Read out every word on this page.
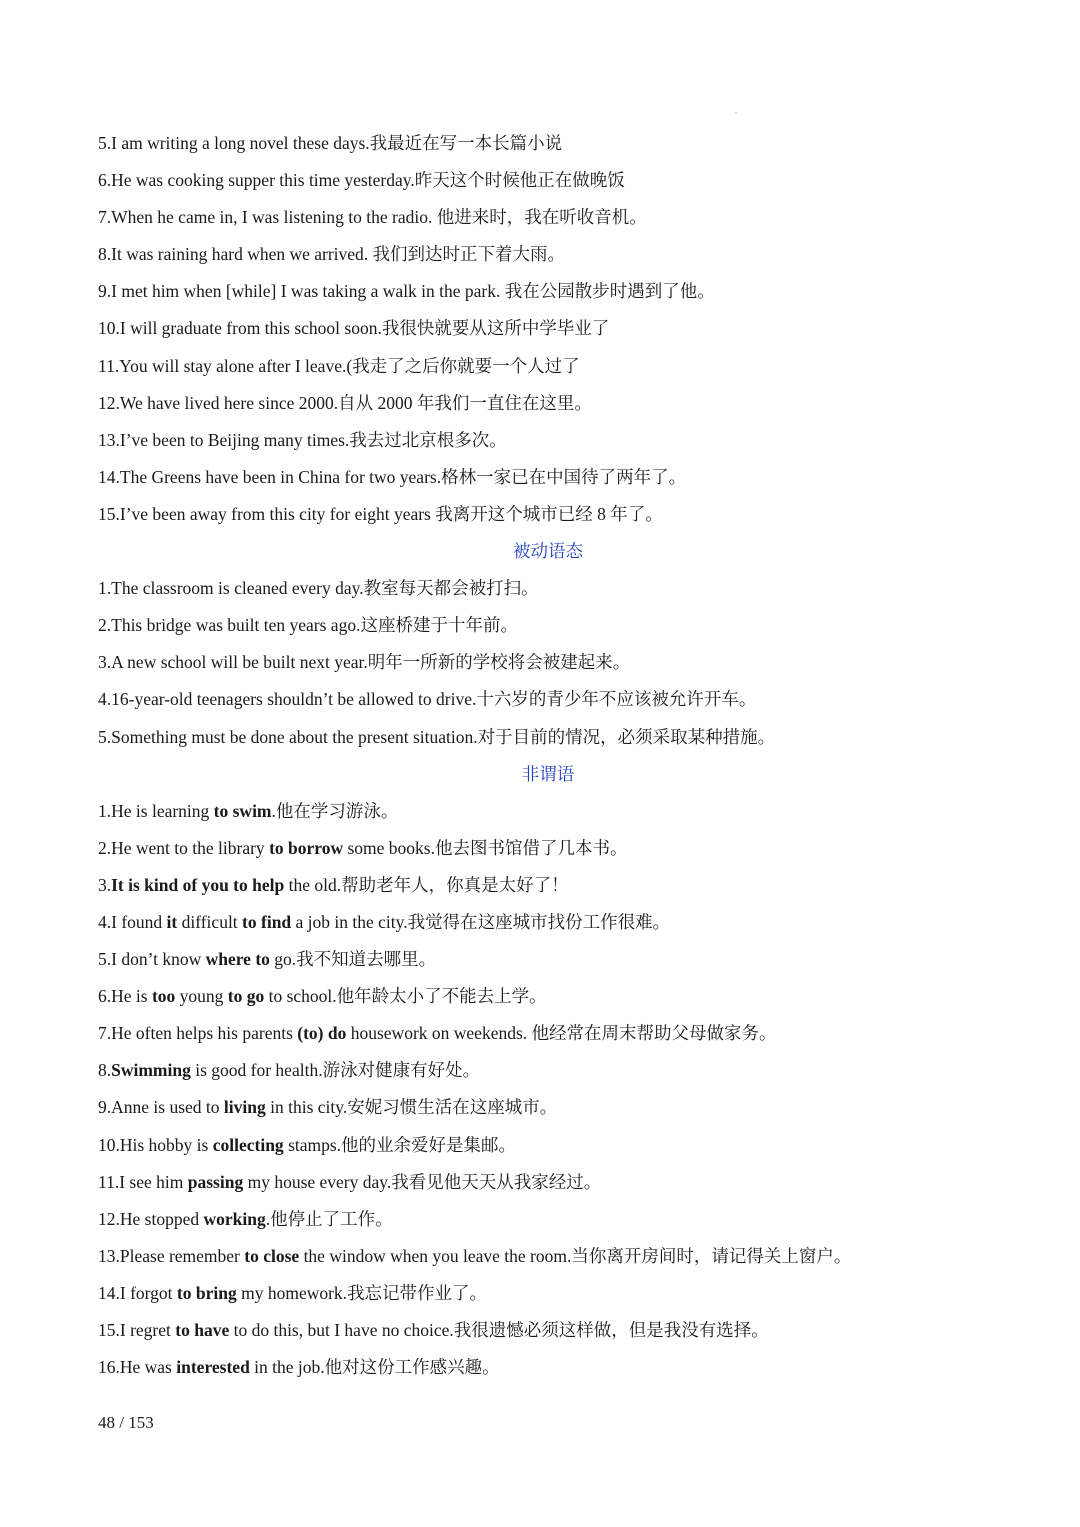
5.I am writing a long novel these days.我最近在写一本长篇小说
6.He was cooking supper this time yesterday.昨天这个时候他正在做晚饭
7.When he came in, I was listening to the radio. 他进来时，我在听收音机。
8.It was raining hard when we arrived. 我们到达时正下着大雨。
9.I met him when [while] I was taking a walk in the park. 我在公园散步时遇到了他。
10.I will graduate from this school soon.我很快就要从这所中学毕业了
11.You will stay alone after I leave.(我走了之后你就要一个人过了
12.We have lived here since 2000.自从 2000 年我们一直住在这里。
13.I’ve been to Beijing many times.我去过北京根多次。
14.The Greens have been in China for two years.格林一家已在中国待了两年了。
15.I’ve been away from this city for eight years 我离开这个城市已经 8 年了。
被动语态
1.The classroom is cleaned every day.教室每天都会被打扫。
2.This bridge was built ten years ago.这座桥建于十年前。
3.A new school will be built next year.明年一所新的学校将会被建起来。
4.16-year-old teenagers shouldn’t be allowed to drive.十六岁的青少年不应该被允许开车。
5.Something must be done about the present situation.对于目前的情况，必须采取某种措施。
非谓语
1.He is learning to swim.他在学习游泳。
2.He went to the library to borrow some books.他去图书馆借了几本书。
3.It is kind of you to help the old.帮助老年人，你真是太好了！
4.I found it difficult to find a job in the city.我觉得在这座城市找份工作很难。
5.I don’t know where to go.我不知道去哪里。
6.He is too young to go to school.他年龄太小了不能去上学。
7.He often helps his parents (to) do housework on weekends. 他经常在周末帮助父母做家务。
8.Swimming is good for health.游泳对健康有好处。
9.Anne is used to living in this city.安妮习惯生活在这座城市。
10.His hobby is collecting stamps.他的业余爱好是集邮。
11.I see him passing my house every day.我看见他天天从我家经过。
12.He stopped working.他停止了工作。
13.Please remember to close the window when you leave the room.当你离开房间时，请记得关上窗户。
14.I forgot to bring my homework.我忘记带作业了。
15.I regret to have to do this, but I have no choice.我很遗憾必须这样做，但是我没有选择。
16.He was interested in the job.他对这份工作感兴趣。
48 / 153
